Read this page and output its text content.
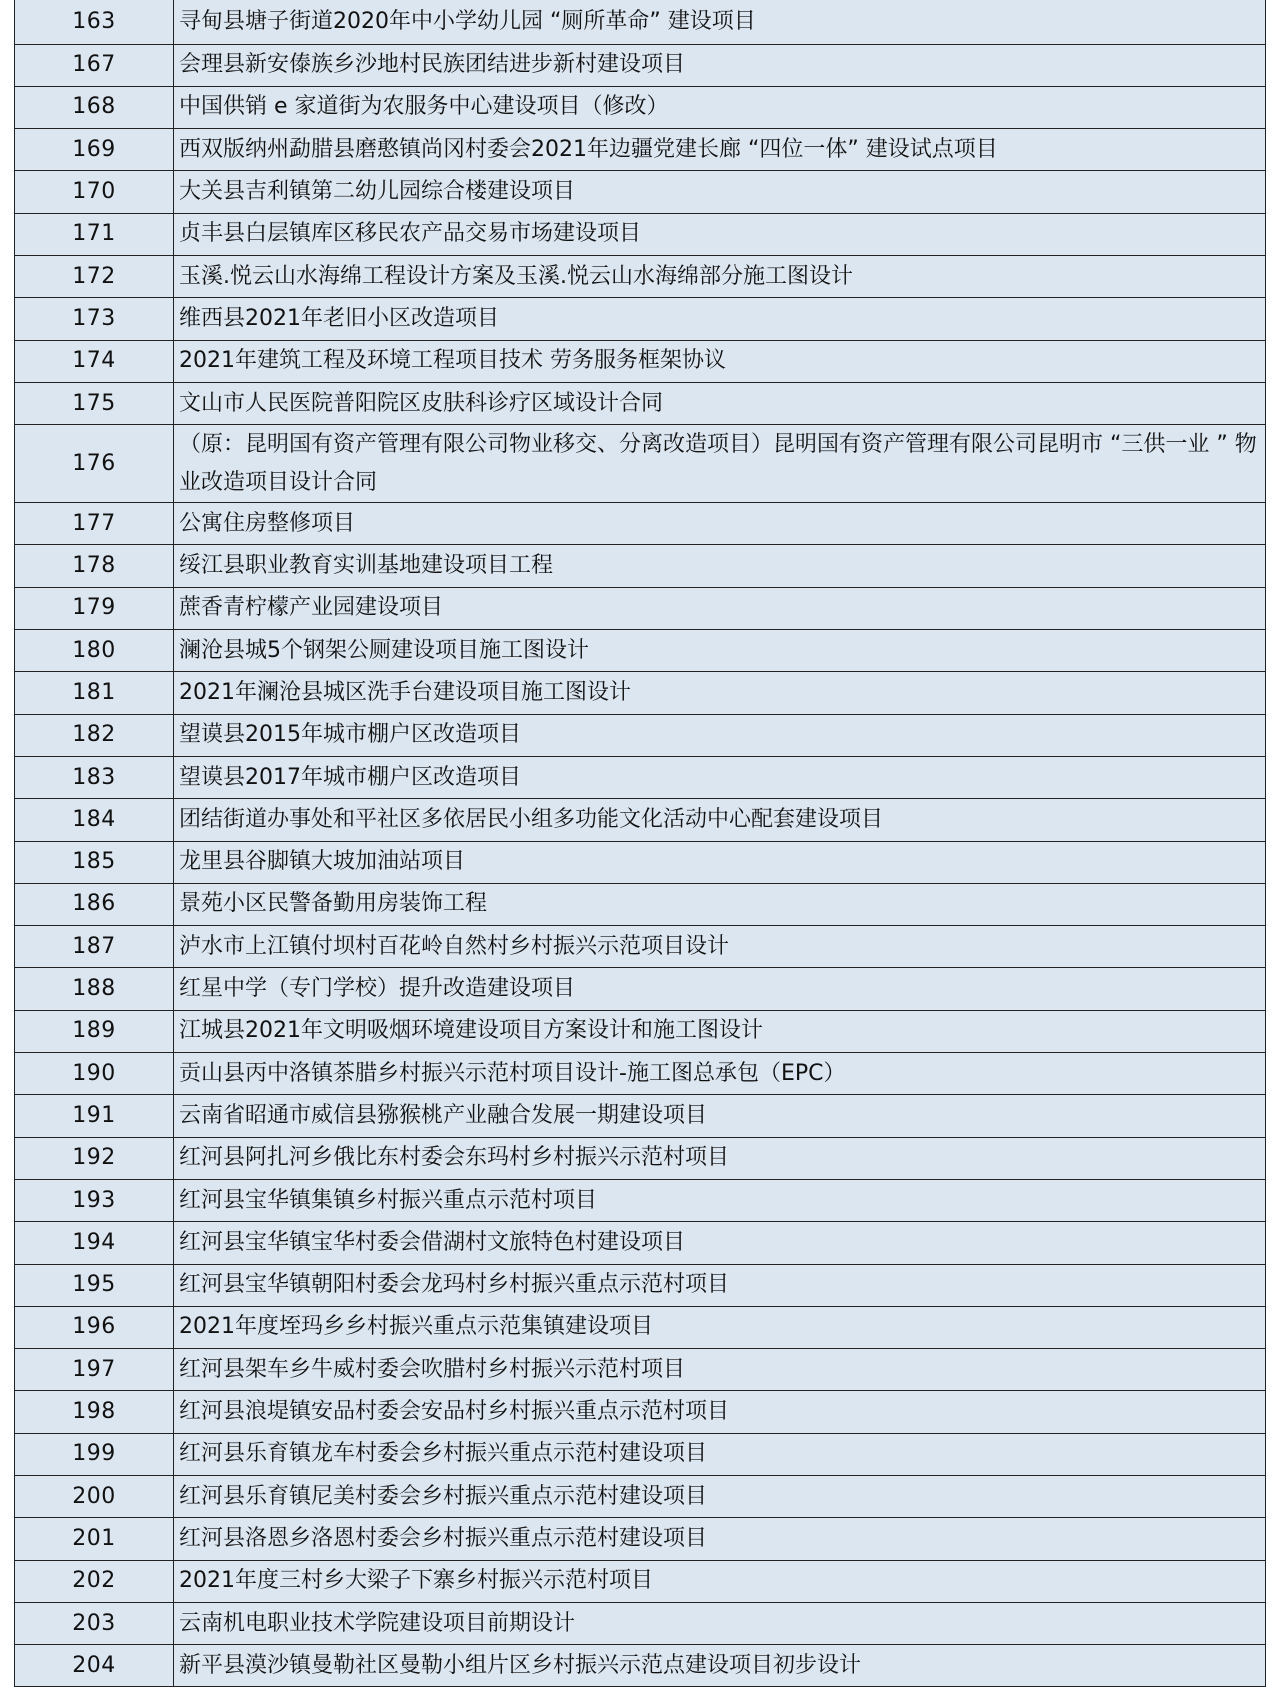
163	寻甸县塘子街道2020年中小学幼儿园 “厕所革命” 建设项目
167	会理县新安傣族乡沙地村民族团结进步新村建设项目
168	中国供销 e 家道街为农服务中心建设项目（修改）
169	西双版纳州勐腊县磨憨镇尚冈村委会2021年边疆党建长廊 “四位一体” 建设试点项目
170	大关县吉利镇第二幼儿园综合楼建设项目
171	贞丰县白层镇库区移民农产品交易市场建设项目
172	玉溪.悦云山水海绵工程设计方案及玉溪.悦云山水海绵部分施工图设计
173	维西县2021年老旧小区改造项目
174	2021年建筑工程及环境工程项目技术 劳务服务框架协议
175	文山市人民医院普阳院区皮肤科诊疗区域设计合同
176	（原：昆明国有资产管理有限公司物业移交、分离改造项目）昆明国有资产管理有限公司昆明市 “三供一业 ” 物业改造项目设计合同
177	公寓住房整修项目
178	绥江县职业教育实训基地建设项目工程
179	蔗香青柠檬产业园建设项目
180	澜沧县城5个钢架公厕建设项目施工图设计
181	2021年澜沧县城区洗手台建设项目施工图设计
182	望谟县2015年城市棚户区改造项目
183	望谟县2017年城市棚户区改造项目
184	团结街道办事处和平社区多依居民小组多功能文化活动中心配套建设项目
185	龙里县谷脚镇大坡加油站项目
186	景苑小区民警备勤用房装饰工程
187	泸水市上江镇付坝村百花岭自然村乡村振兴示范项目设计
188	红星中学（专门学校）提升改造建设项目
189	江城县2021年文明吸烟环境建设项目方案设计和施工图设计
190	贡山县丙中洛镇茶腊乡村振兴示范村项目设计-施工图总承包（EPC）
191	云南省昭通市威信县猕猴桃产业融合发展一期建设项目
192	红河县阿扎河乡俄比东村委会东玛村乡村振兴示范村项目
193	红河县宝华镇集镇乡村振兴重点示范村项目
194	红河县宝华镇宝华村委会借湖村文旅特色村建设项目
195	红河县宝华镇朝阳村委会龙玛村乡村振兴重点示范村项目
196	2021年度垤玛乡乡村振兴重点示范集镇建设项目
197	红河县架车乡牛威村委会吹腊村乡村振兴示范村项目
198	红河县浪堤镇安品村委会安品村乡村振兴重点示范村项目
199	红河县乐育镇龙车村委会乡村振兴重点示范村建设项目
200	红河县乐育镇尼美村委会乡村振兴重点示范村建设项目
201	红河县洛恩乡洛恩村委会乡村振兴重点示范村建设项目
202	2021年度三村乡大梁子下寨乡村振兴示范村项目
203	云南机电职业技术学院建设项目前期设计
204	新平县漠沙镇曼勒社区曼勒小组片区乡村振兴示范点建设项目初步设计
